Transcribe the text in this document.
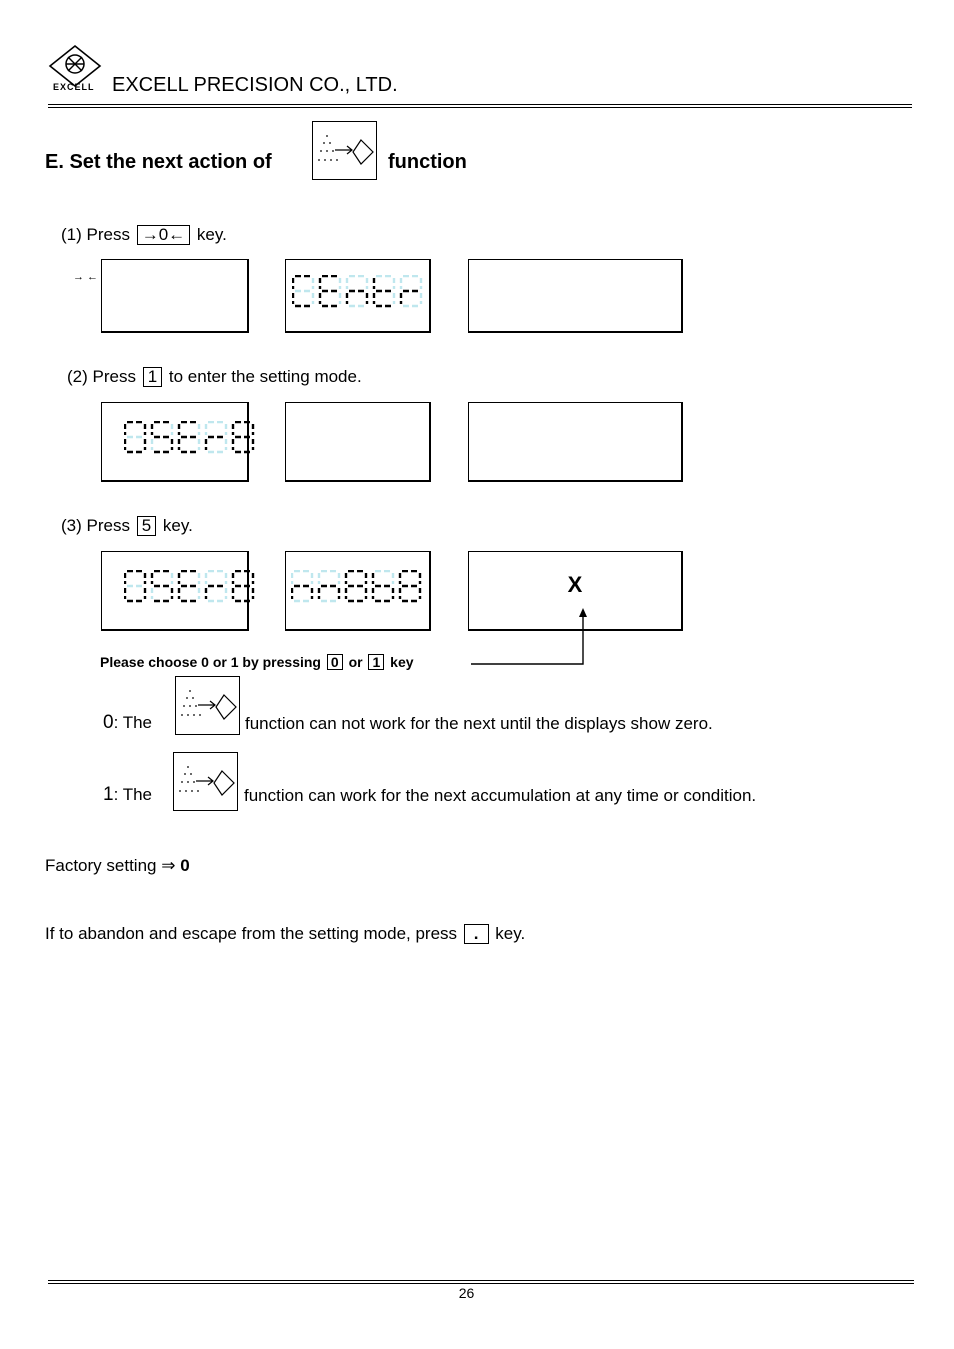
EXCELL EXCELL PRECISION CO., LTD.
E. Set the next action of	function
(1) Press →0← key.
→ ←
(2) Press 1 to enter the setting mode.
(3) Press 5 key.
X
Please choose 0 or 1 by pressing 0 or 1 key
0: The	function can not work for the next until the displays show zero.
1: The	function can work for the next accumulation at any time or condition.
Factory setting ⇒ 0
If to abandon and escape from the setting mode, press . key.
26
